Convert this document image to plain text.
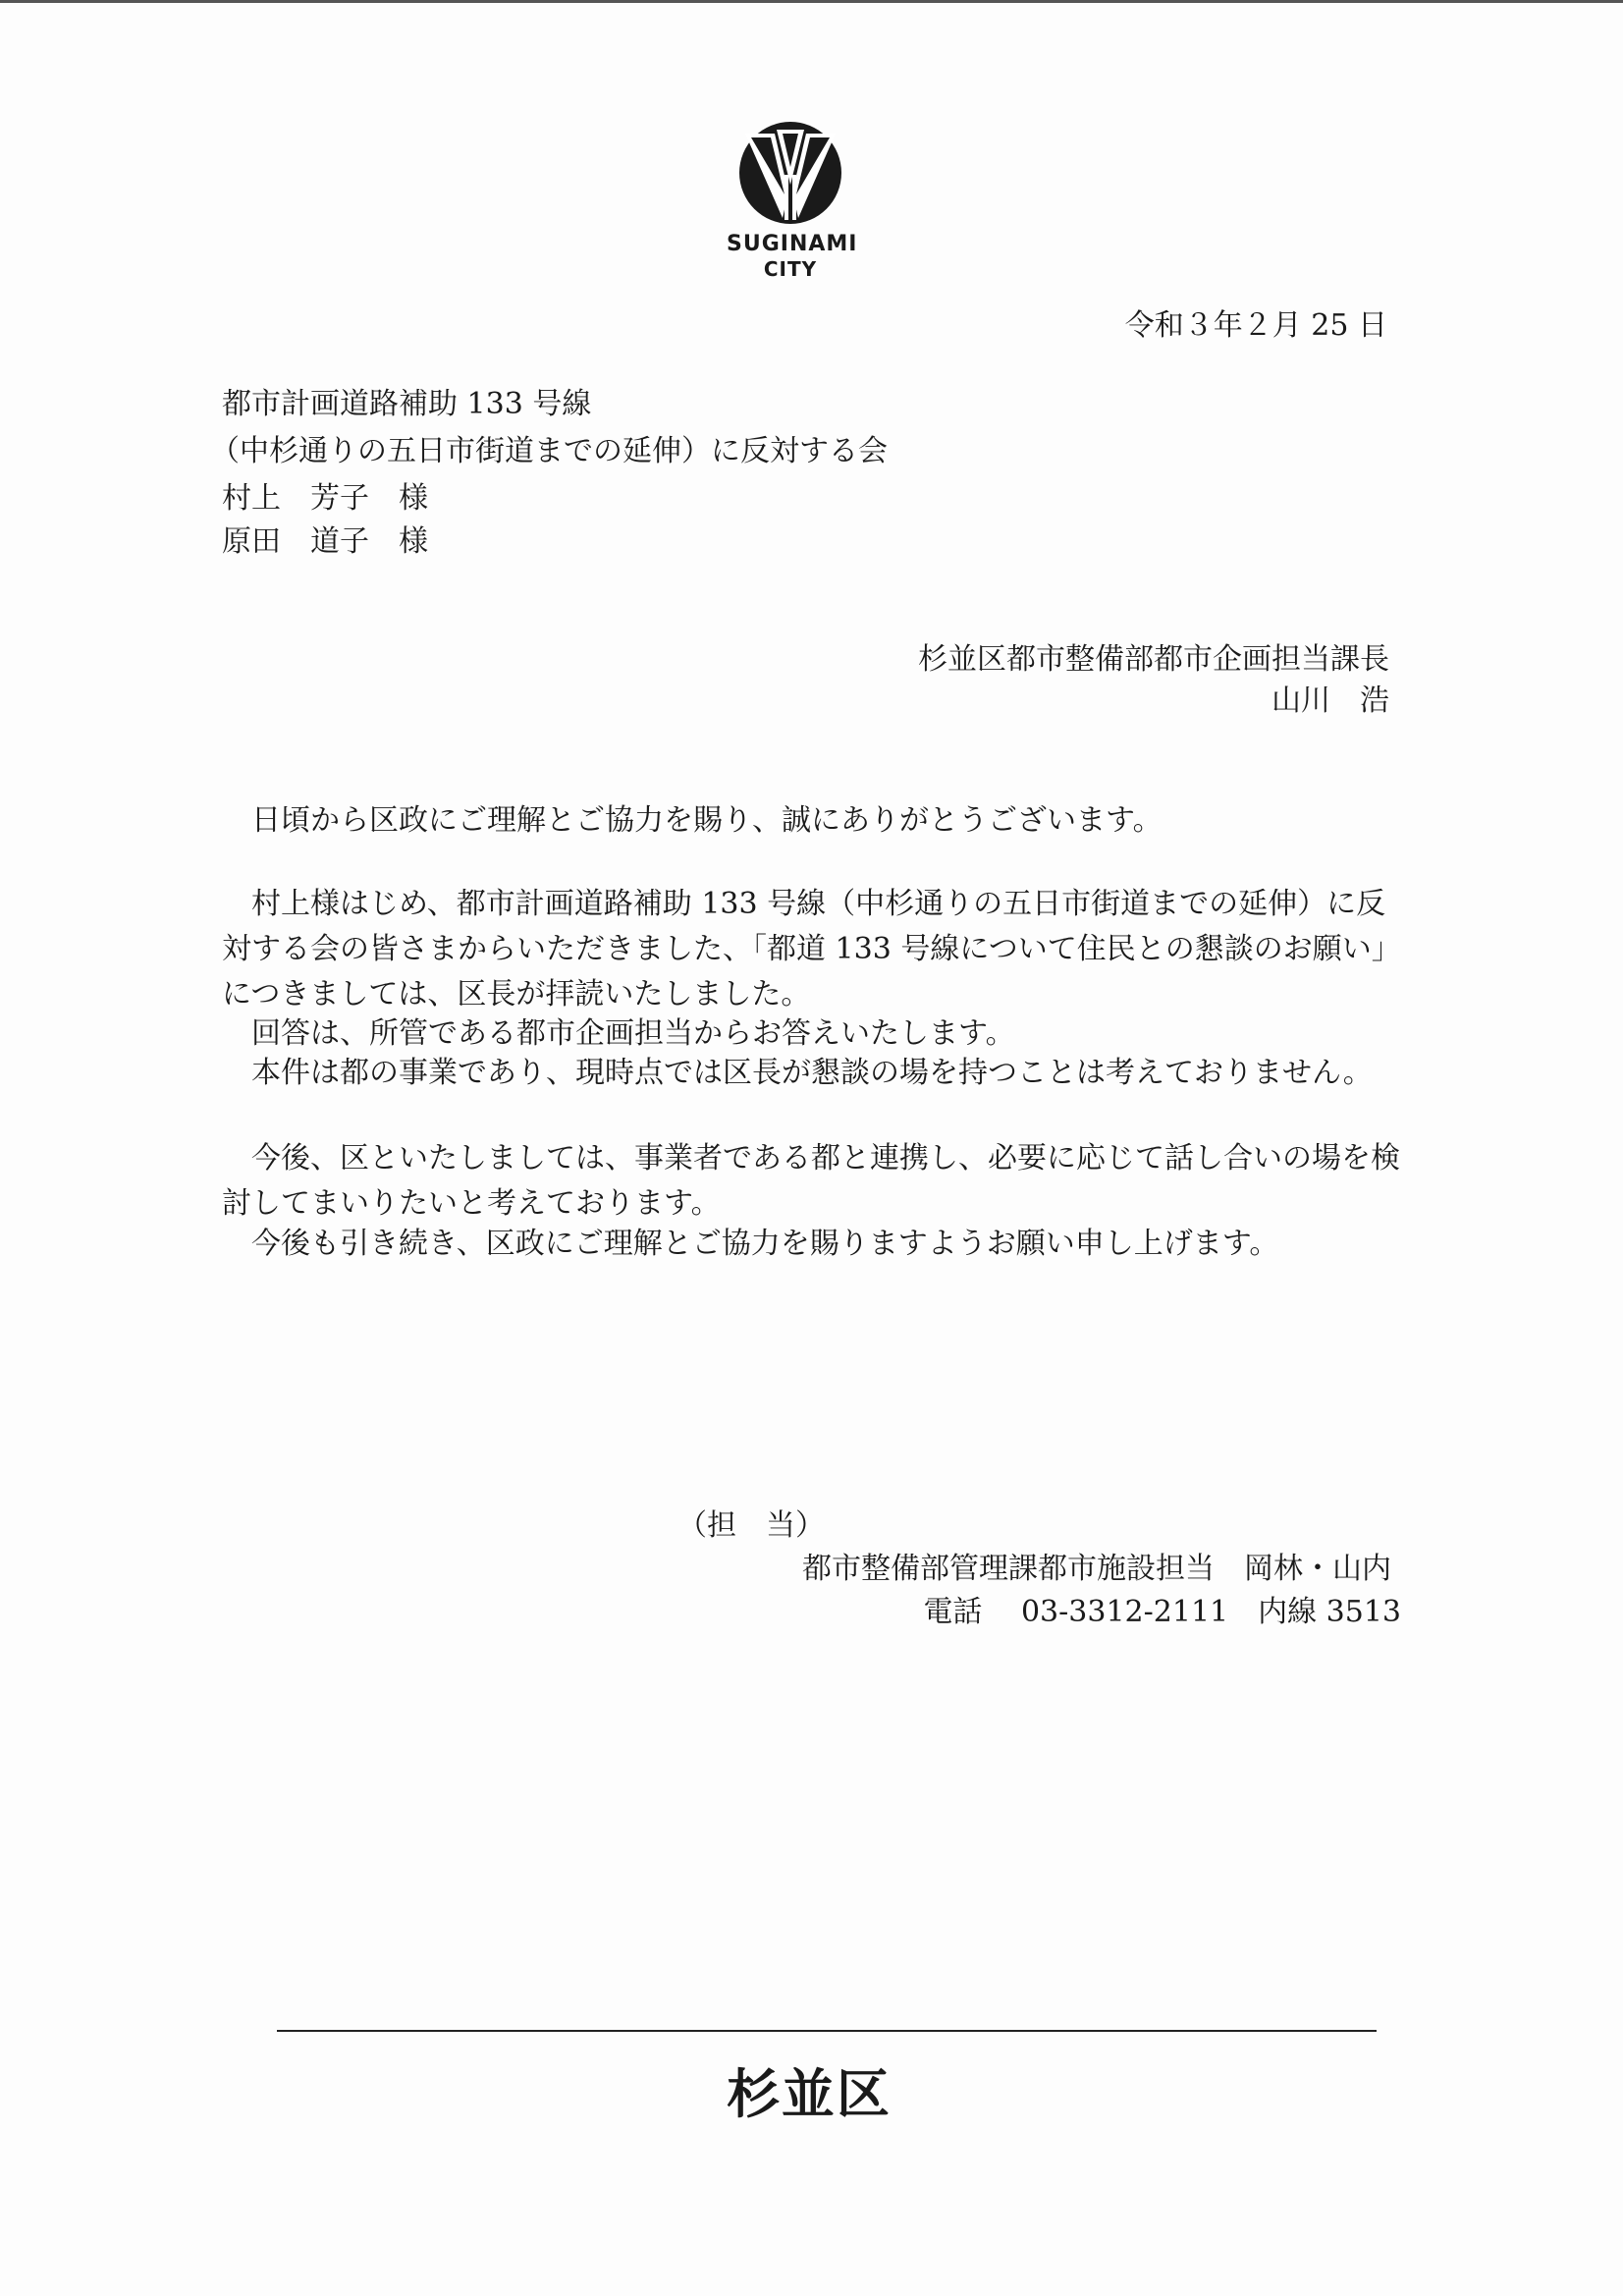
SUGINAMI
CITY
令和３年２月 25 日
都市計画道路補助 133 号線
（中杉通りの五日市街道までの延伸）に反対する会
村上　芳子　様
原田　道子　様
杉並区都市整備部都市企画担当課長
山川　浩
　日頃から区政にご理解とご協力を賜り、誠にありがとうございます。
　村上様はじめ、都市計画道路補助 133 号線（中杉通りの五日市街道までの延伸）に反対する会の皆さまからいただきました、「都道 133 号線について住民との懇談のお願い」につきましては、区長が拝読いたしました。
　回答は、所管である都市企画担当からお答えいたします。
　本件は都の事業であり、現時点では区長が懇談の場を持つことは考えておりません。
　今後、区といたしましては、事業者である都と連携し、必要に応じて話し合いの場を検討してまいりたいと考えております。
　今後も引き続き、区政にご理解とご協力を賜りますようお願い申し上げます。
（担　当）
都市整備部管理課都市施設担当　岡林・山内
電話　 03-3312-2111　内線 3513
杉並区
